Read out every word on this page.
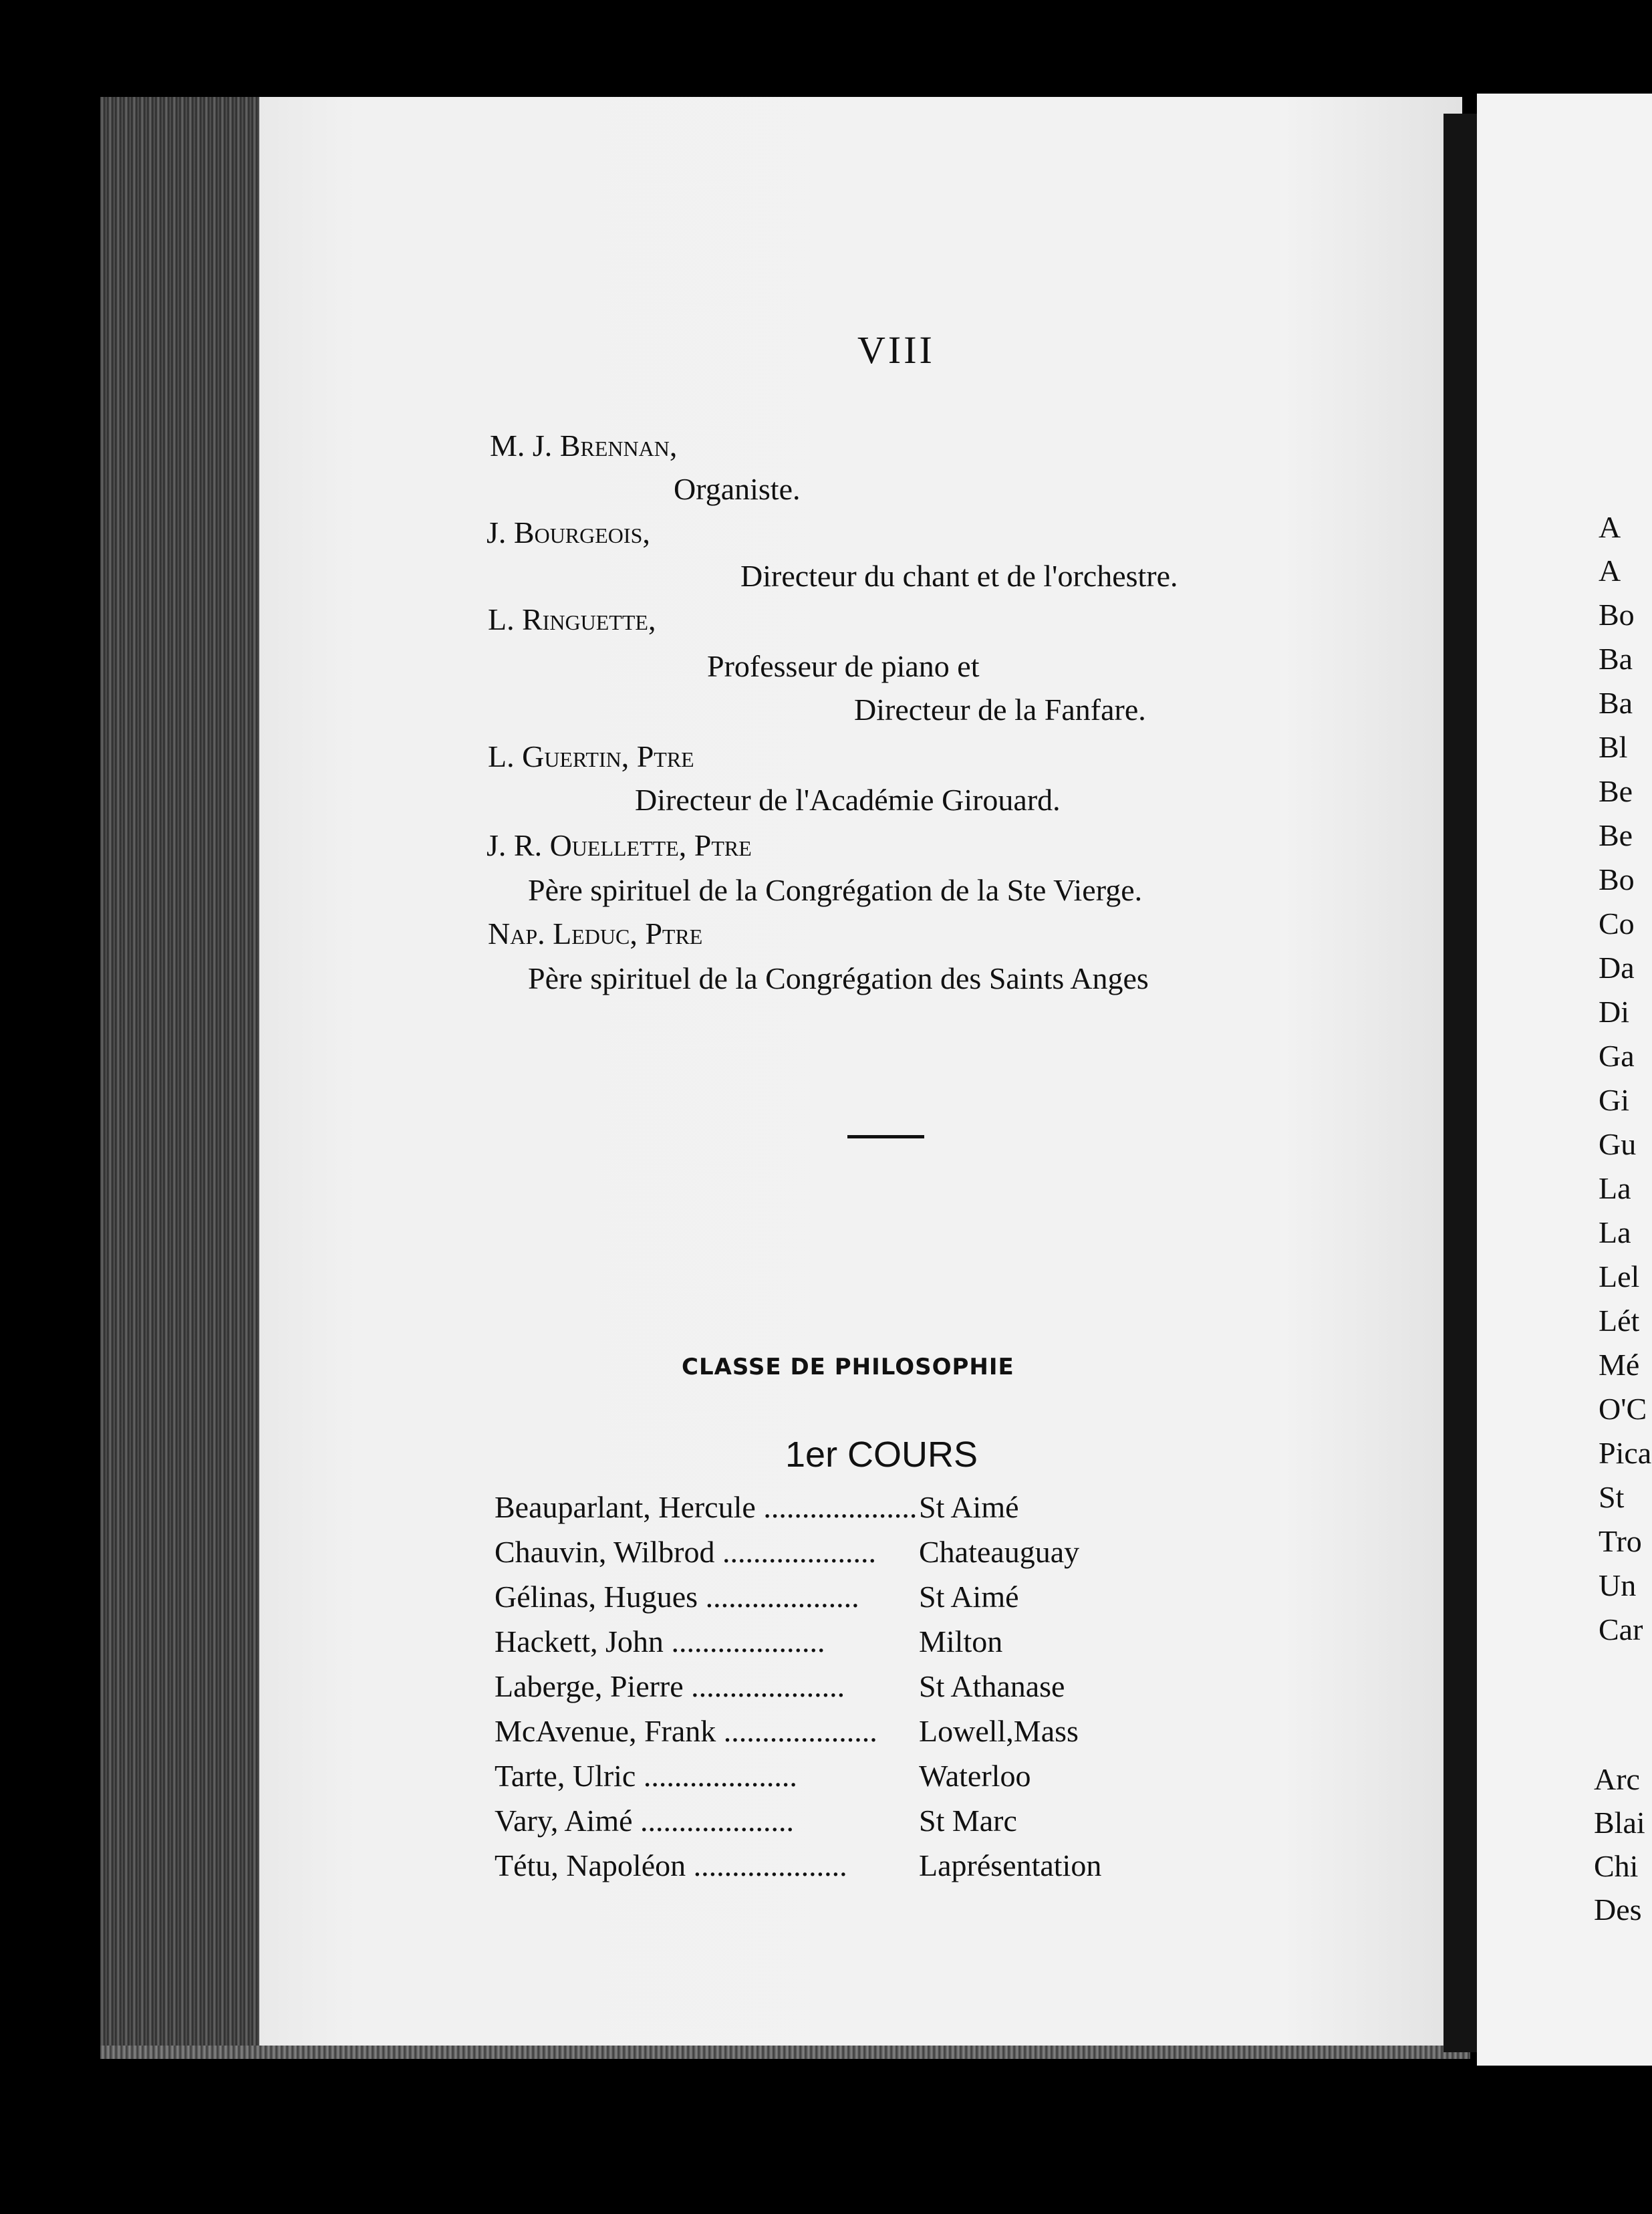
VIII
M. J. Brennan,
Organiste.
J. Bourgeois,
Directeur du chant et de l'orchestre.
L. Ringuette,
Professeur de piano et
Directeur de la Fanfare.
L. Guertin, Ptre
Directeur de l'Académie Girouard.
J. R. Ouellette, Ptre
Père spirituel de la Congrégation de la Ste Vierge.
Nap. Leduc, Ptre
Père spirituel de la Congrégation des Saints Anges
CLASSE DE PHILOSOPHIE
1er COURS
Beauparlant, Hercule ....................St Aimé
Chauvin, Wilbrod .................... Chateauguay
Gélinas, Hugues .................... St Aimé
Hackett, John ....................	Milton
Laberge, Pierre .................... St Athanase
McAvenue, Frank .................... Lowell,Mass
Tarte, Ulric ....................	Waterloo
Vary, Aimé ....................	St Marc
Tétu, Napoléon .................... Laprésentation
A
A
Bo
Ba
Ba
Bl
Be
Be
Bo
Co
Da
Di
Ga
Gi
Gu
La
La
Lel
Lét
Mé
O'C
Pica
St
Tro
Un
Car
Arc
Blai
Chi
Des
